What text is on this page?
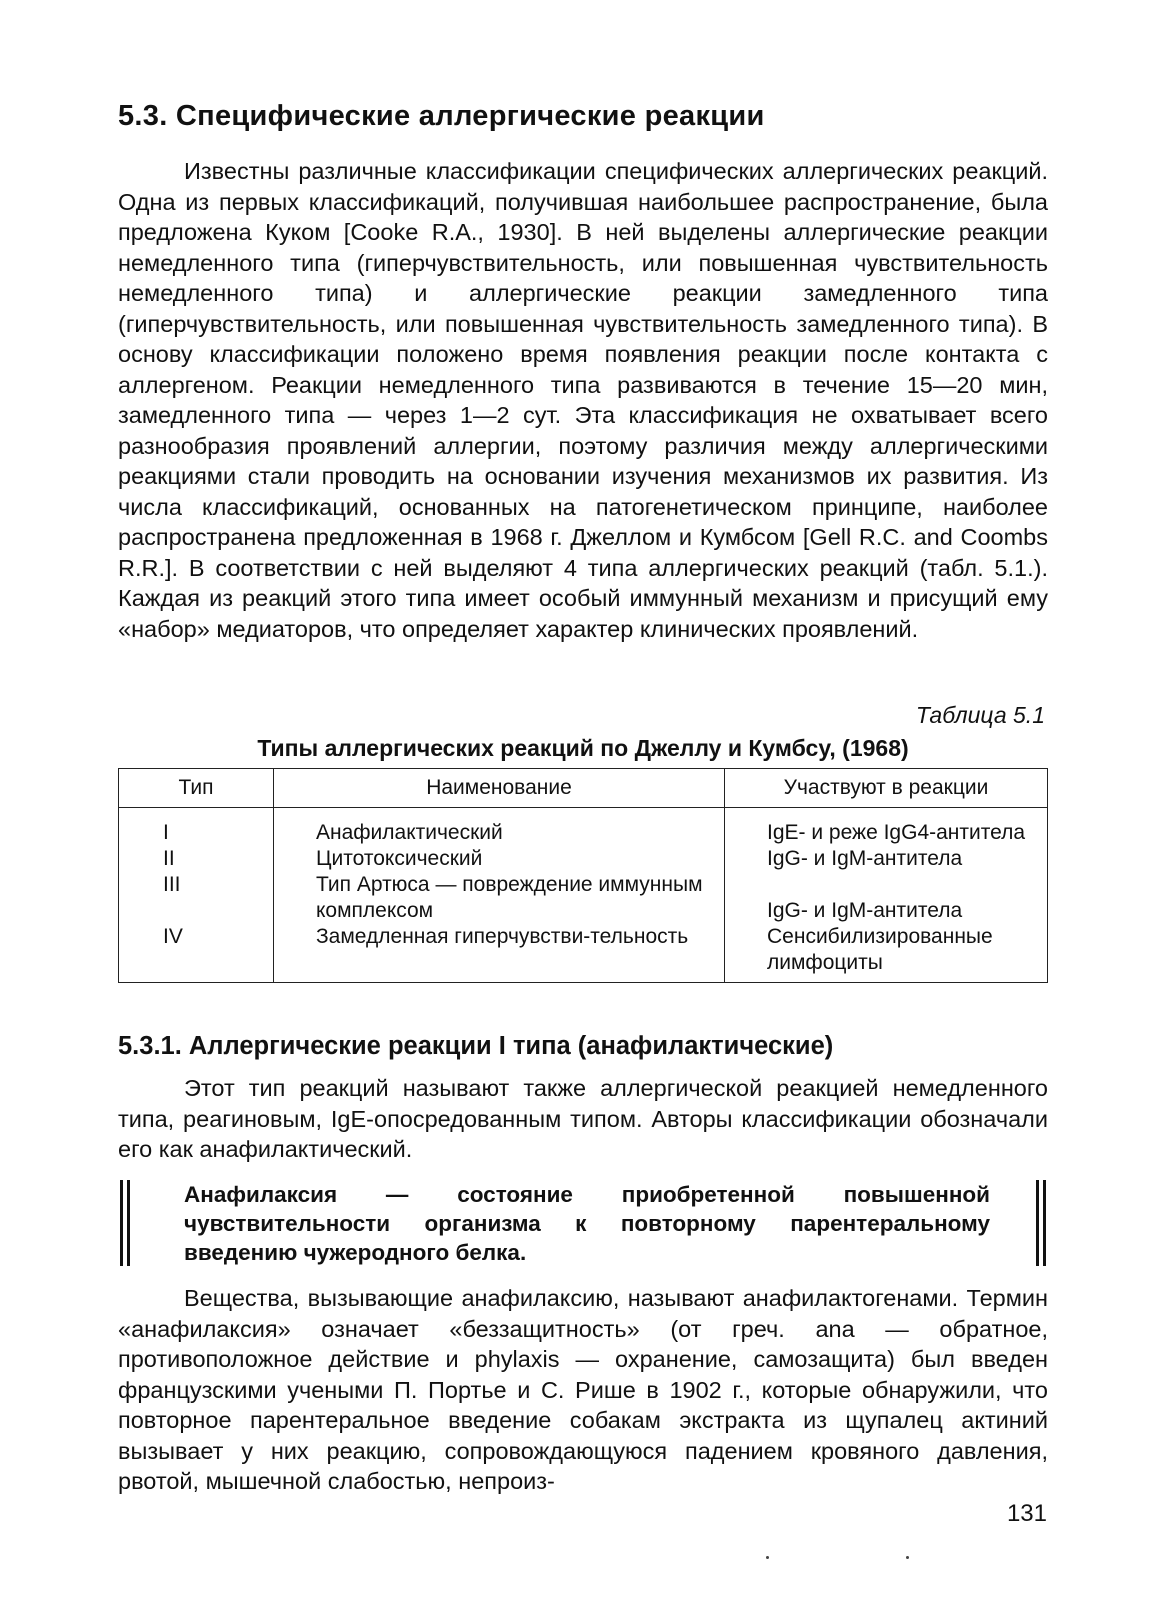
5.3. Специфические аллергические реакции

Известны различные классификации специфических аллергических реакций. Одна из первых классификаций, получившая наибольшее распространение, была предложена Куком [Cooke R.A., 1930]. В ней выделены аллергические реакции немедленного типа (гиперчувствительность, или повышенная чувствительность немедленного типа) и аллергические реакции замедленного типа (гиперчувствительность, или повышенная чувствительность замедленного типа). В основу классификации положено время появления реакции после контакта с аллергеном. Реакции немедленного типа развиваются в течение 15—20 мин, замедленного типа — через 1—2 сут. Эта классификация не охватывает всего разнообразия проявлений аллергии, поэтому различия между аллергическими реакциями стали проводить на основании изучения механизмов их развития. Из числа классификаций, основанных на патогенетическом принципе, наиболее распространена предложенная в 1968 г. Джеллом и Кумбсом [Gell R.C. and Coombs R.R.]. В соответствии с ней выделяют 4 типа аллергических реакций (табл. 5.1.). Каждая из реакций этого типа имеет особый иммунный механизм и присущий ему «набор» медиаторов, что определяет характер клинических проявлений.

Таблица 5.1

Типы аллергических реакций по Джеллу и Кумбсу, (1968)

Тип	Наименование	Участвуют в реакции
I	Анафилактический	IgE- и реже IgG4-антитела
II	Цитотоксический	IgG- и IgM-антитела
III	Тип Артюса — повреждение иммунным комплексом	IgG- и IgM-антитела
IV	Замедленная гиперчувстви-тельность	Сенсибилизированные лимфоциты
5.3.1. Аллергические реакции I типа (анафилактические)

Этот тип реакций называют также аллергической реакцией немедленного типа, реагиновым, IgE-опосредованным типом. Авторы классификации обозначали его как анафилактический.

Анафилаксия — состояние приобретенной повышенной чувствительности организма к повторному парентеральному введению чужеродного белка.

Вещества, вызывающие анафилаксию, называют анафилактогенами. Термин «анафилаксия» означает «беззащитность» (от греч. ana — обратное, противоположное действие и phylaxis — охранение, самозащита) был введен французскими учеными П. Портье и С. Рише в 1902 г., которые обнаружили, что повторное парентеральное введение собакам экстракта из щупалец актиний вызывает у них реакцию, сопровождающуюся падением кровяного давления, рвотой, мышечной слабостью, непроиз-

131
